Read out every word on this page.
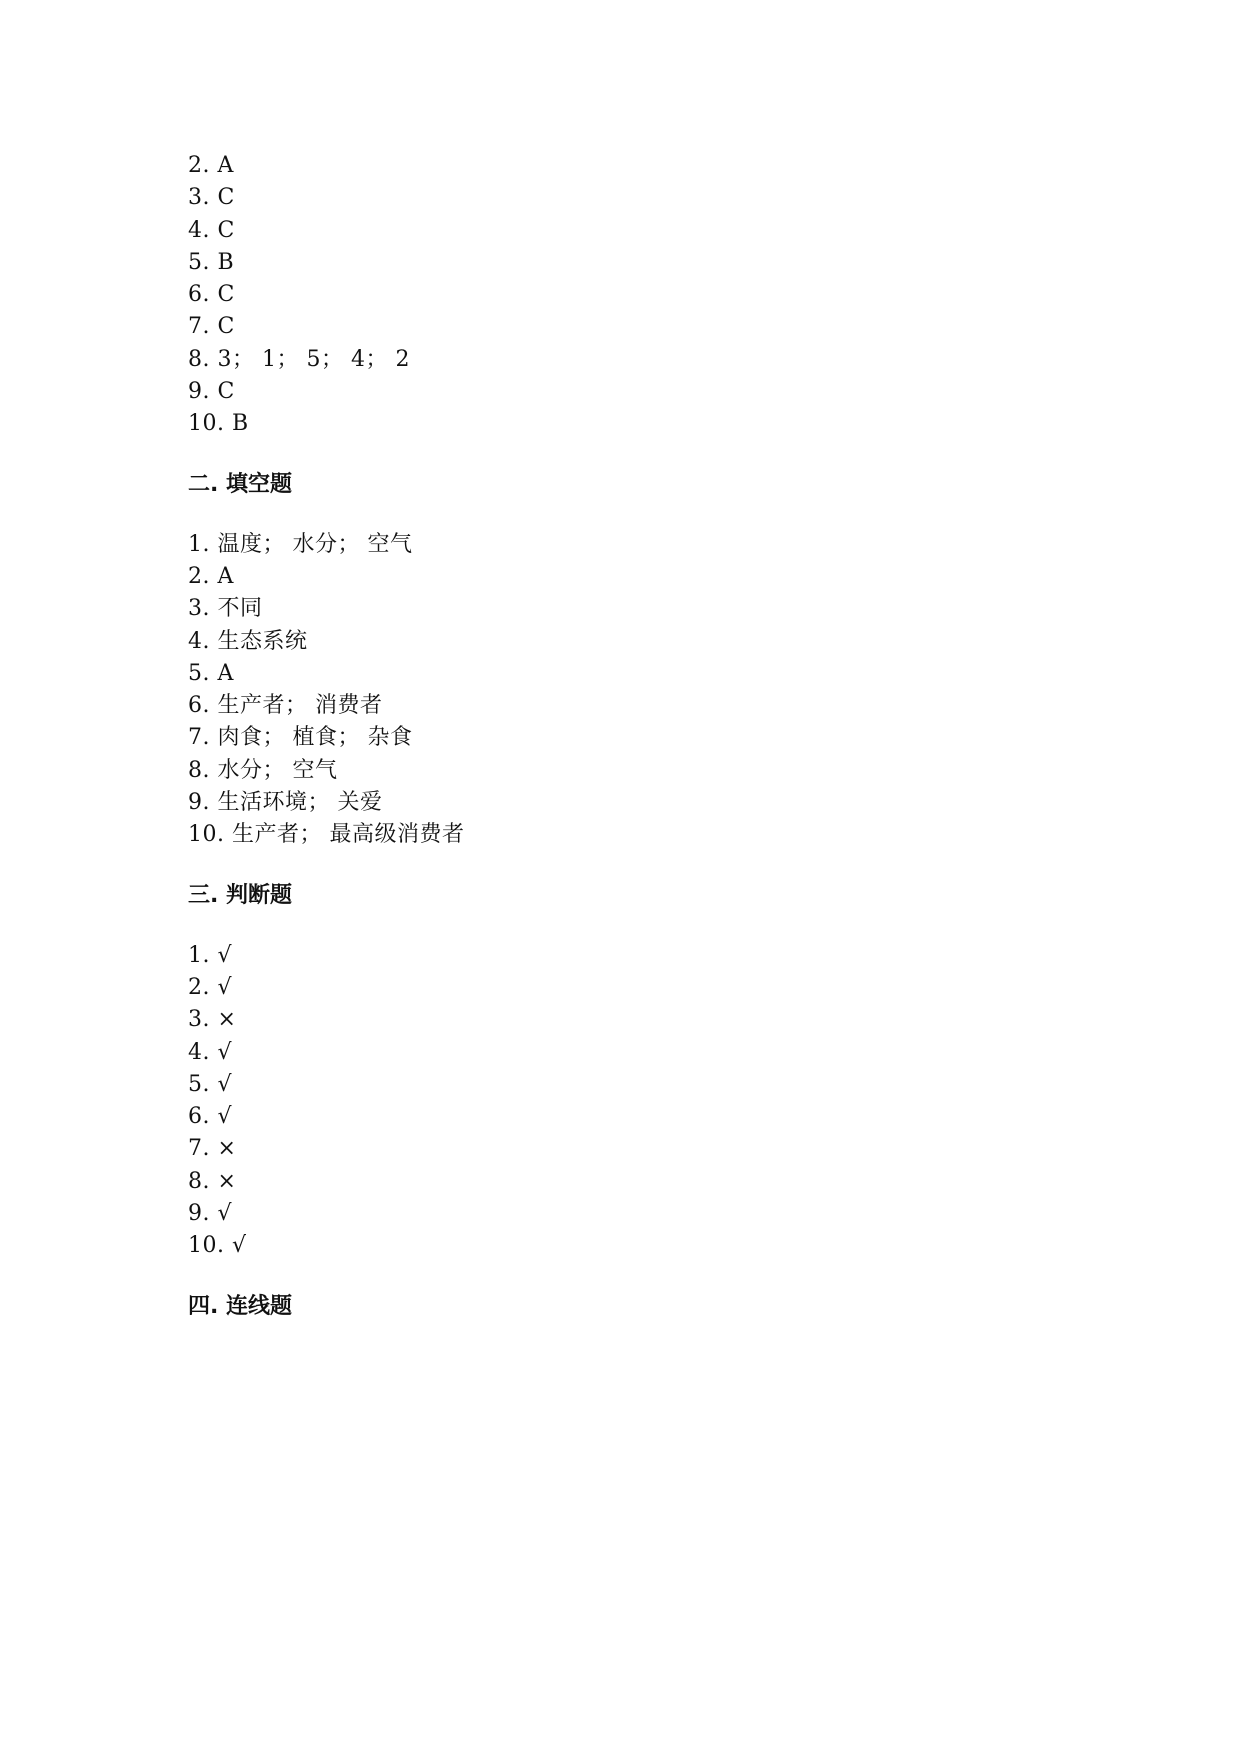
2. A
3. C
4. C
5. B
6. C
7. C
8. 3； 1； 5； 4； 2
9. C
10. B
二. 填空题
1. 温度； 水分； 空气
2. A
3. 不同
4. 生态系统
5. A
6. 生产者； 消费者
7. 肉食； 植食； 杂食
8. 水分； 空气
9. 生活环境； 关爱
10. 生产者； 最高级消费者
三. 判断题
1. √
2. √
3. ×
4. √
5. √
6. √
7. ×
8. ×
9. √
10. √
四. 连线题
